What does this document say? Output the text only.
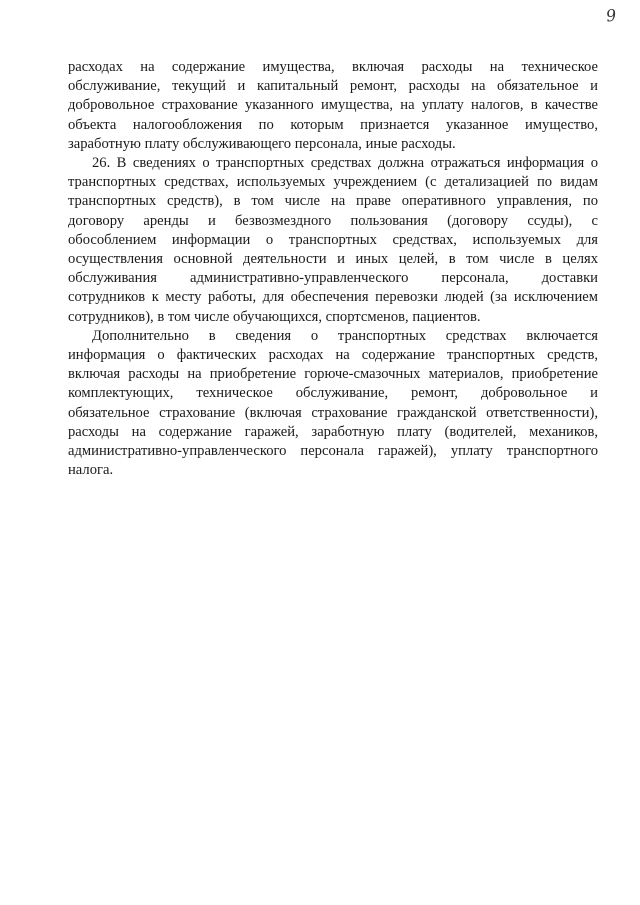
9

расходах на содержание имущества, включая расходы на техническое
обслуживание, текущий и капитальный ремонт, расходы на обязательное и
добровольное страхование указанного имущества, на уплату налогов, в качестве
объекта налогообложения по которым признается указанное имущество,
заработную плату обслуживающего персонала, иные расходы.

26. В сведениях о транспортных средствах должна отражаться информация о
транспортных средствах, используемых учреждением (с детализацией по видам
транспортных средств), в том числе на праве оперативного управления, по
договору аренды и безвозмездного пользования (договору ссуды), с
обособлением информации о транспортных средствах, используемых для
осуществления основной деятельности и иных целей, в том числе в целях
обслуживания административно-управленческого персонала, доставки
сотрудников к месту работы, для обеспечения перевозки людей (за исключением
сотрудников), в том числе обучающихся, спортсменов, пациентов.

Дополнительно в сведения о транспортных средствах включается
информация о фактических расходах на содержание транспортных средств,
включая расходы на приобретение горюче-смазочных материалов, приобретение
комплектующих, техническое обслуживание, ремонт, добровольное и
обязательное страхование (включая страхование гражданской ответственности),
расходы на содержание гаражей, заработную плату (водителей, механиков,
административно-управленческого персонала гаражей), уплату транспортного
налога.
